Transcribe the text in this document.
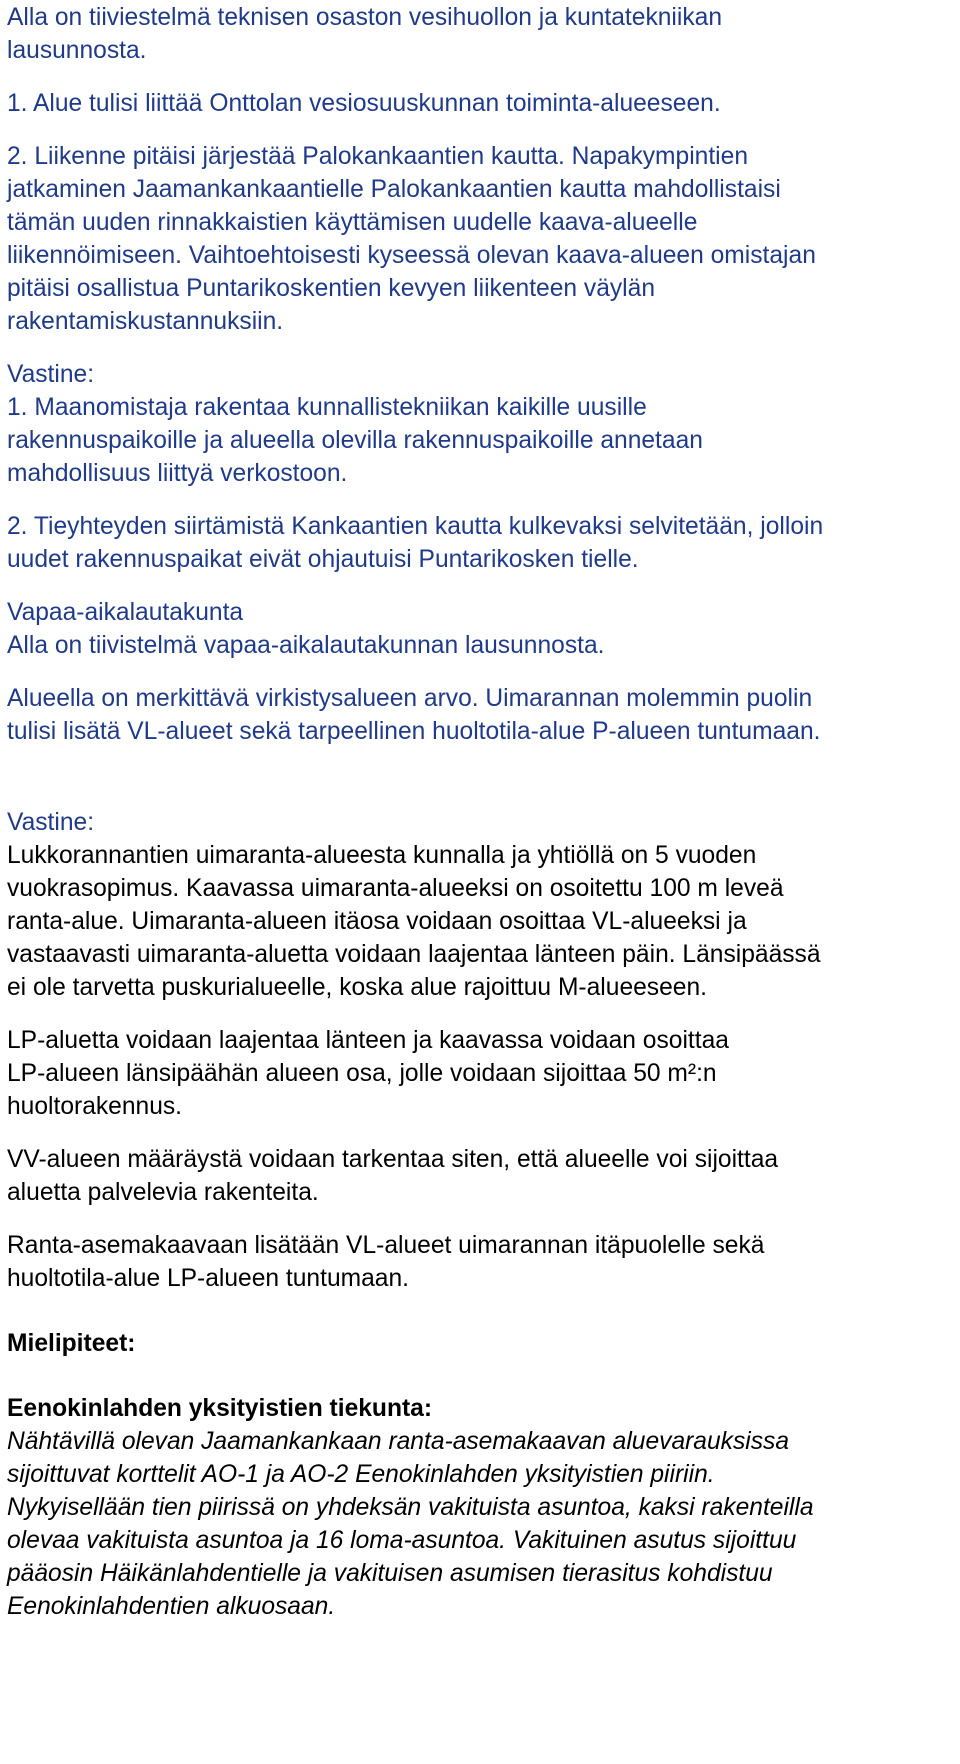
Alla on tiiviestelmä teknisen osaston vesihuollon ja kuntatekniikan
lausunnosta.

1. Alue tulisi liittää Onttolan vesiosuuskunnan toiminta-alueeseen.

2. Liikenne pitäisi järjestää Palokankaantien kautta. Napakympintien
jatkaminen Jaamankankaantielle Palokankaantien kautta mahdollistaisi
tämän uuden rinnakkaistien käyttämisen uudelle kaava-alueelle
liikennöimiseen. Vaihtoehtoisesti kyseessä olevan kaava-alueen omistajan
pitäisi osallistua Puntarikoskentien kevyen liikenteen väylän
rakentamiskustannuksiin.

Vastine:

1. Maanomistaja rakentaa kunnallistekniikan kaikille uusille
rakennuspaikoille ja alueella olevilla rakennuspaikoille annetaan
mahdollisuus liittyä verkostoon.

2. Tieyhteyden siirtämistä Kankaantien kautta kulkevaksi selvitetään, jolloin
uudet rakennuspaikat eivät ohjautuisi Puntarikosken tielle.

Vapaa-aikalautakunta

Alla on tiivistelmä vapaa-aikalautakunnan lausunnosta.

Alueella on merkittävä virkistysalueen arvo. Uimarannan molemmin puolin
tulisi lisätä VL-alueet sekä tarpeellinen huoltotila-alue P-alueen tuntumaan.

Vastine:

Lukkorannantien uimaranta-alueesta kunnalla ja yhtiöllä on 5 vuoden
vuokrasopimus. Kaavassa uimaranta-alueeksi on osoitettu 100 m leveä
ranta-alue. Uimaranta-alueen itäosa voidaan osoittaa VL-alueeksi ja
vastaavasti uimaranta-aluetta voidaan laajentaa länteen päin. Länsipäässä
ei ole tarvetta puskurialueelle, koska alue rajoittuu M-alueeseen.

LP-aluetta voidaan laajentaa länteen ja kaavassa voidaan osoittaa
LP-alueen länsipäähän alueen osa, jolle voidaan sijoittaa 50 m²:n
huoltorakennus.

VV-alueen määräystä voidaan tarkentaa siten, että alueelle voi sijoittaa
aluetta palvelevia rakenteita.

Ranta-asemakaavaan lisätään VL-alueet uimarannan itäpuolelle sekä
huoltotila-alue LP-alueen tuntumaan.

Mielipiteet:

Eenokinlahden yksityistien tiekunta:

Nähtävillä olevan Jaamankankaan ranta-asemakaavan aluevarauksissa
sijoittuvat korttelit AO-1 ja AO-2 Eenokinlahden yksityistien piiriin.
Nykyisellään tien piirissä on yhdeksän vakituista asuntoa, kaksi rakenteilla
olevaa vakituista asuntoa ja 16 loma-asuntoa. Vakituinen asutus sijoittuu
pääosin Häikänlahdentielle ja vakituisen asumisen tierasitus kohdistuu
Eenokinlahdentien alkuosaan.
